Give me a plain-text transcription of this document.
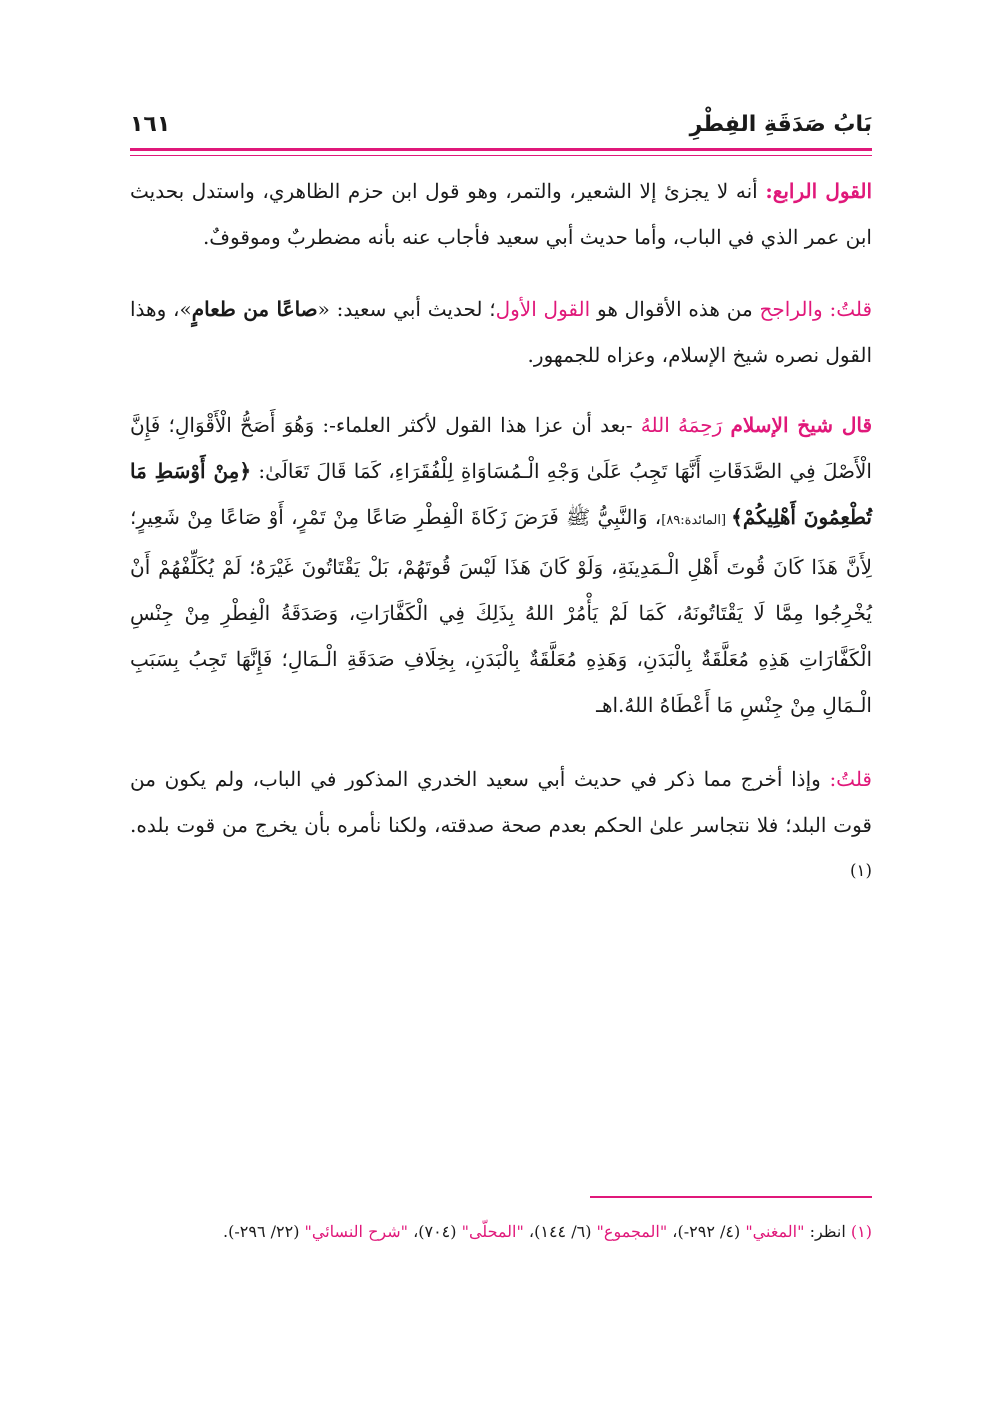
بَابُ صَدَقَةِ الفِطْرِ
١٦١

القول الرابع: أنه لا يجزئ إلا الشعير، والتمر، وهو قول ابن حزم الظاهري، واستدل بحديث ابن عمر الذي في الباب، وأما حديث أبي سعيد فأجاب عنه بأنه مضطربٌ وموقوفٌ.

قلتُ: والراجح من هذه الأقوال هو القول الأول؛ لحديث أبي سعيد: «صاعًا من طعامٍ»، وهذا القول نصره شيخ الإسلام، وعزاه للجمهور.

قال شيخ الإسلام رَحِمَهُ اللهُ -بعد أن عزا هذا القول لأكثر العلماء-: وَهُوَ أَصَحُّ الْأَقْوَالِ؛ فَإِنَّ الْأَصْلَ فِي الصَّدَقَاتِ أَنَّهَا تَجِبُ عَلَىٰ وَجْهِ الْـمُسَاوَاةِ لِلْفُقَرَاءِ، كَمَا قَالَ تَعَالَىٰ: ﴿مِنْ أَوْسَطِ مَا تُطْعِمُونَ أَهْلِيكُمْ﴾ [المائدة:٨٩]، وَالنَّبِيُّ ﷺ فَرَضَ زَكَاةَ الْفِطْرِ صَاعًا مِنْ تَمْرٍ، أَوْ صَاعًا مِنْ شَعِيرٍ؛ لِأَنَّ هَذَا كَانَ قُوتَ أَهْلِ الْـمَدِينَةِ، وَلَوْ كَانَ هَذَا لَيْسَ قُوتَهُمْ، بَلْ يَقْتَاتُونَ غَيْرَهُ؛ لَمْ يُكَلِّفْهُمْ أَنْ يُخْرِجُوا مِمَّا لَا يَقْتَاتُونَهُ، كَمَا لَمْ يَأْمُرْ اللهُ بِذَلِكَ فِي الْكَفَّارَاتِ، وَصَدَقَةُ الْفِطْرِ مِنْ جِنْسِ الْكَفَّارَاتِ هَذِهِ مُعَلَّقَةٌ بِالْبَدَنِ، وَهَذِهِ مُعَلَّقَةٌ بِالْبَدَنِ، بِخِلَافِ صَدَقَةِ الْـمَالِ؛ فَإِنَّهَا تَجِبُ بِسَبَبِ الْـمَالِ مِنْ جِنْسِ مَا أَعْطَاهُ اللهُ.اهـ

قلتُ: وإذا أخرج مما ذكر في حديث أبي سعيد الخدري المذكور في الباب، ولم يكون من قوت البلد؛ فلا نتجاسر علىٰ الحكم بعدم صحة صدقته، ولكنا نأمره بأن يخرج من قوت بلده.$^{(١)}$

(١) انظر: "المغني" (٤/ ٢٩٢-)، "المجموع" (٦/ ١٤٤)، "المحلّى" (٧٠٤)، "شرح النسائي" (٢٢/ ٢٩٦-).
